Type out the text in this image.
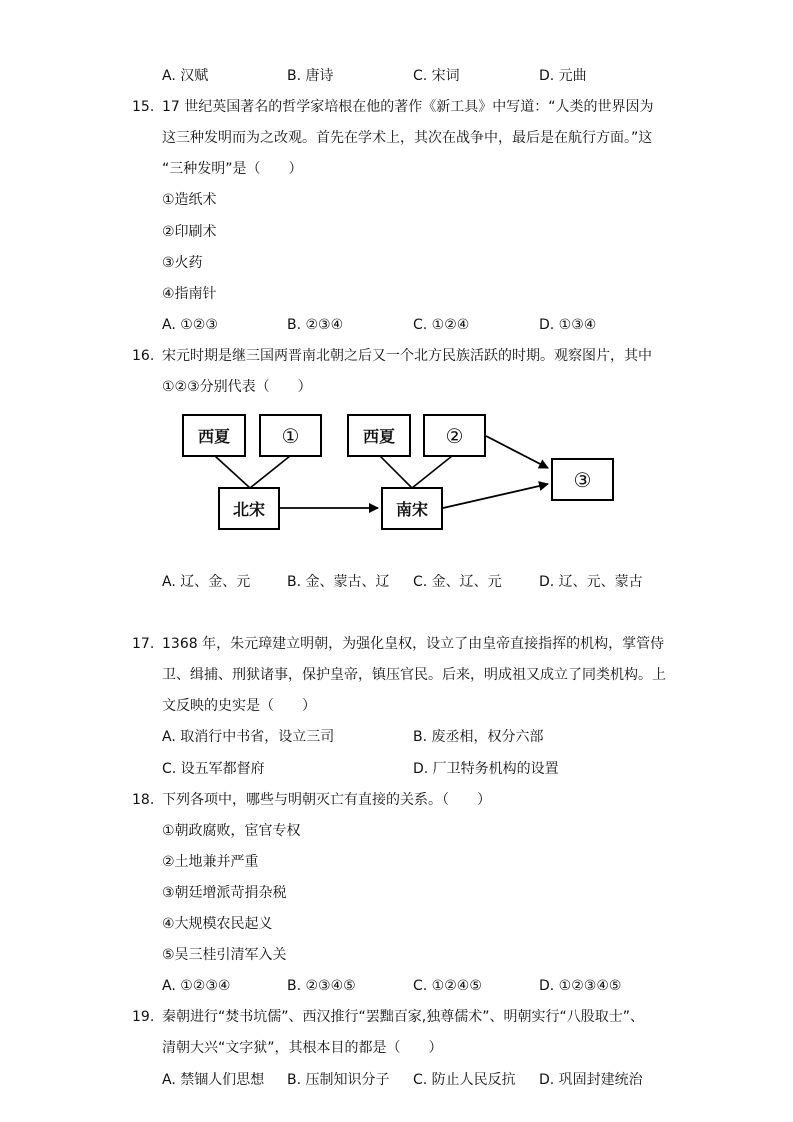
A. 汉赋	B. 唐诗	C. 宋词	D. 元曲
15. 17 世纪英国著名的哲学家培根在他的著作《新工具》中写道：“人类的世界因为
这三种发明而为之改观。首先在学术上，其次在战争中，最后是在航行方面。”这
“三种发明”是（　　）
①造纸术
②印刷术
③火药
④指南针
A. ①②③	B. ②③④	C. ①②④	D. ①③④
16. 宋元时期是继三国两晋南北朝之后又一个北方民族活跃的时期。观察图片，其中
①②③分别代表（　　）
西夏	①	西夏	②
北宋	南宋
③
A. 辽、金、元	B. 金、蒙古、辽 C. 金、辽、元	D. 辽、元、蒙古
17. 1368 年，朱元璋建立明朝，为强化皇权，设立了由皇帝直接指挥的机构，掌管侍
卫、缉捕、刑狱诸事，保护皇帝，镇压官民。后来，明成祖又成立了同类机构。上
文反映的史实是（　　）
A. 取消行中书省，设立三司	B. 废丞相，权分六部
C. 设五军都督府	D. 厂卫特务机构的设置
18. 下列各项中，哪些与明朝灭亡有直接的关系。（　　）
①朝政腐败，宦官专权
②土地兼并严重
③朝廷增派苛捐杂税
④大规模农民起义
⑤吴三桂引清军入关
A. ①②③④	B. ②③④⑤	C. ①②④⑤	D. ①②③④⑤
19. 秦朝进行“焚书坑儒”、西汉推行“罢黜百家,独尊儒术”、明朝实行“八股取士”、
清朝大兴“文字狱”，其根本目的都是（　　）
A. 禁锢人们思想 B. 压制知识分子 C. 防止人民反抗 D. 巩固封建统治
